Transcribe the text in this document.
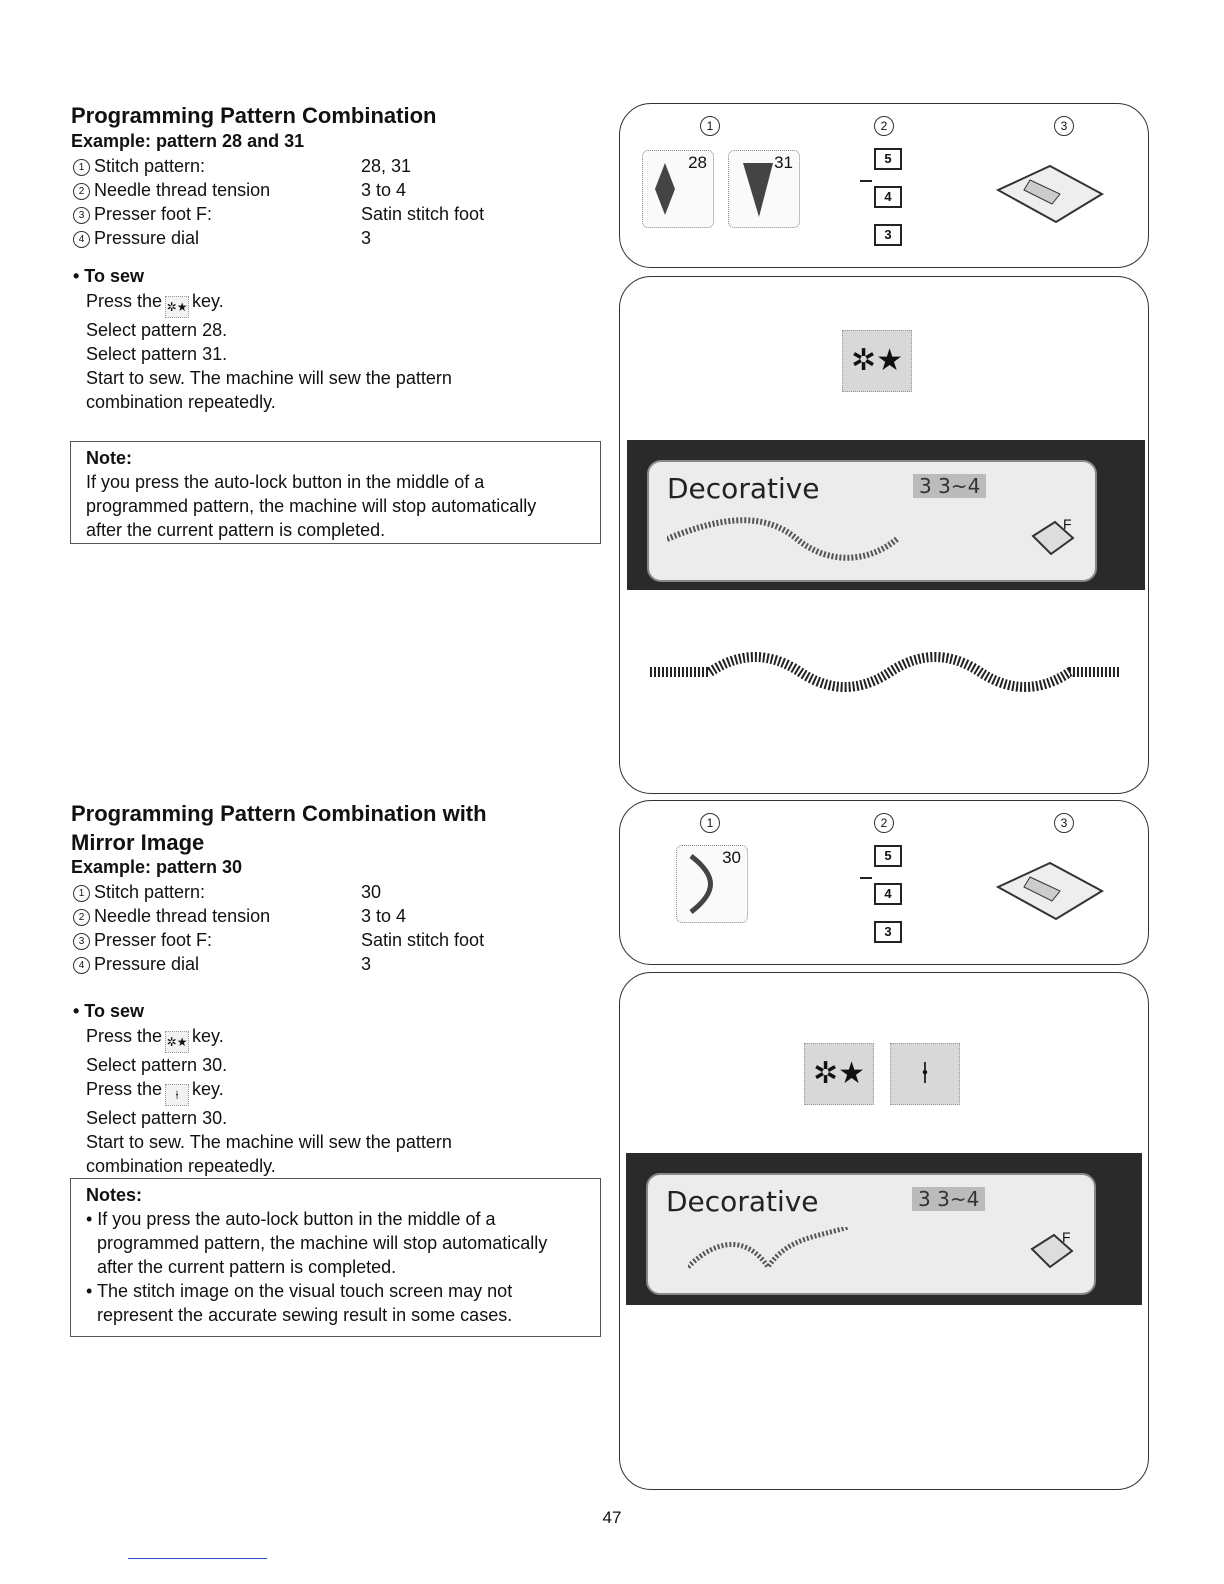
Programming Pattern Combination
Example: pattern 28 and 31
1 Stitch pattern:	28, 31
2 Needle thread tension	3 to 4
3 Presser foot F:	Satin stitch foot
4 Pressure dial	3
• To sew
Press the ✲★ key.
Select pattern 28.
Select pattern 31.
Start to sew. The machine will sew the pattern
combination repeatedly.
Note:
If you press the auto-lock button in the middle of a
programmed pattern, the machine will stop automatically
after the current pattern is completed.
Programming Pattern Combination with
Mirror Image
Example: pattern 30
1 Stitch pattern:	30
2 Needle thread tension	3 to 4
3 Presser foot F:	Satin stitch foot
4 Pressure dial	3
• To sew
Press the ✲★ key.
Select pattern 30.
Press the ⍿ key.
Select pattern 30.
Start to sew. The machine will sew the pattern
combination repeatedly.
Notes:
• If you press the auto-lock button in the middle of a
programmed pattern, the machine will stop automatically
after the current pattern is completed.
• The stitch image on the visual touch screen may not
represent the accurate sewing result in some cases.
1	2	3
28	31	5
4
3
✲★
Decorative	3 3~4
F
1	2	3
30	5
4
3
✲★	⍿
Decorative	3 3~4
F
47
